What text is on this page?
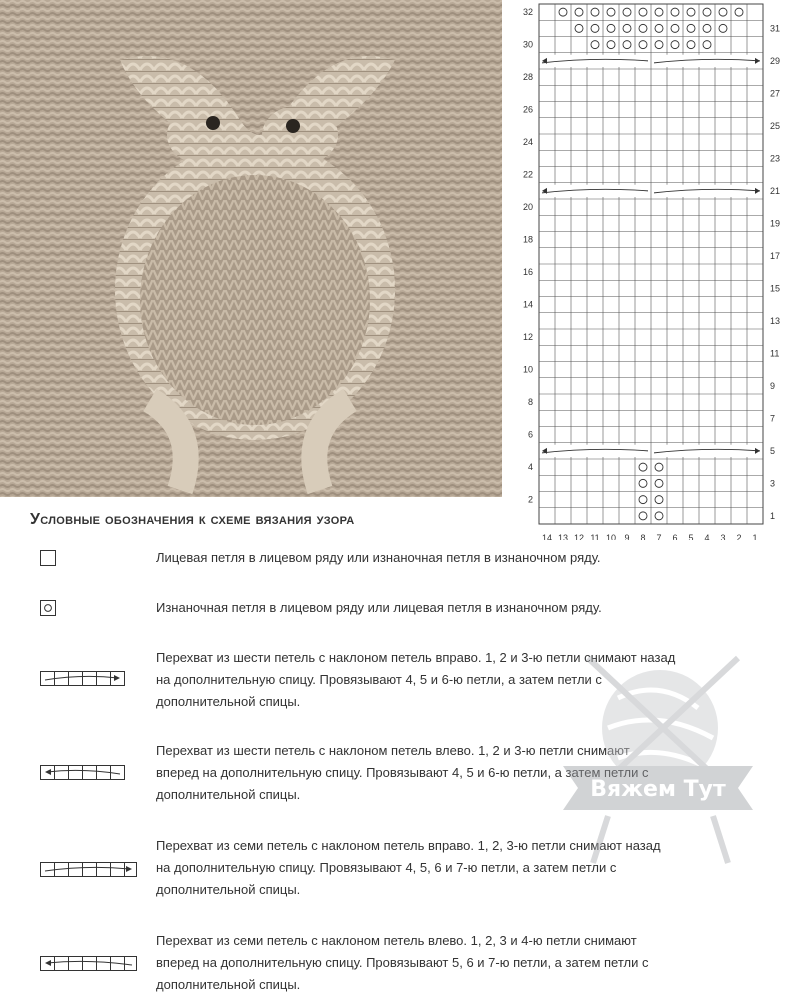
2
4
6
8
10
12
14
16
18
20
22
24
26
28
30
32
1
3
5
7
9
11
13
15
17
19
21
23
25
27
29
31
14 13 12 11 10 9 8 7 6 5 4 3 2 1
Условные обозначения к схеме вязания узора
Лицевая петля в лицевом ряду или изнаночная петля в изнаночном ряду.
Изнаночная петля в лицевом ряду или лицевая петля в изнаночном ряду.
Перехват из шести петель с наклоном петель вправо. 1, 2 и 3-ю петли снимают назад на дополнительную спицу. Провязывают 4, 5 и 6-ю петли, а затем петли с дополнительной спицы.
Перехват из шести петель с наклоном петель влево. 1, 2 и 3-ю петли снимают вперед на дополнительную спицу. Провязывают 4, 5 и 6-ю петли, а затем петли с дополнительной спицы.
Перехват из семи петель с наклоном петель вправо. 1, 2, 3-ю петли снимают назад на дополнительную спицу. Провязывают 4, 5, 6 и 7-ю петли, а затем петли с дополнительной спицы.
Перехват из семи петель с наклоном петель влево. 1, 2, 3 и 4-ю петли снимают вперед на дополнительную спицу. Провязывают 5, 6 и 7-ю петли, а затем петли с дополнительной спицы.
Вяжем Тут
